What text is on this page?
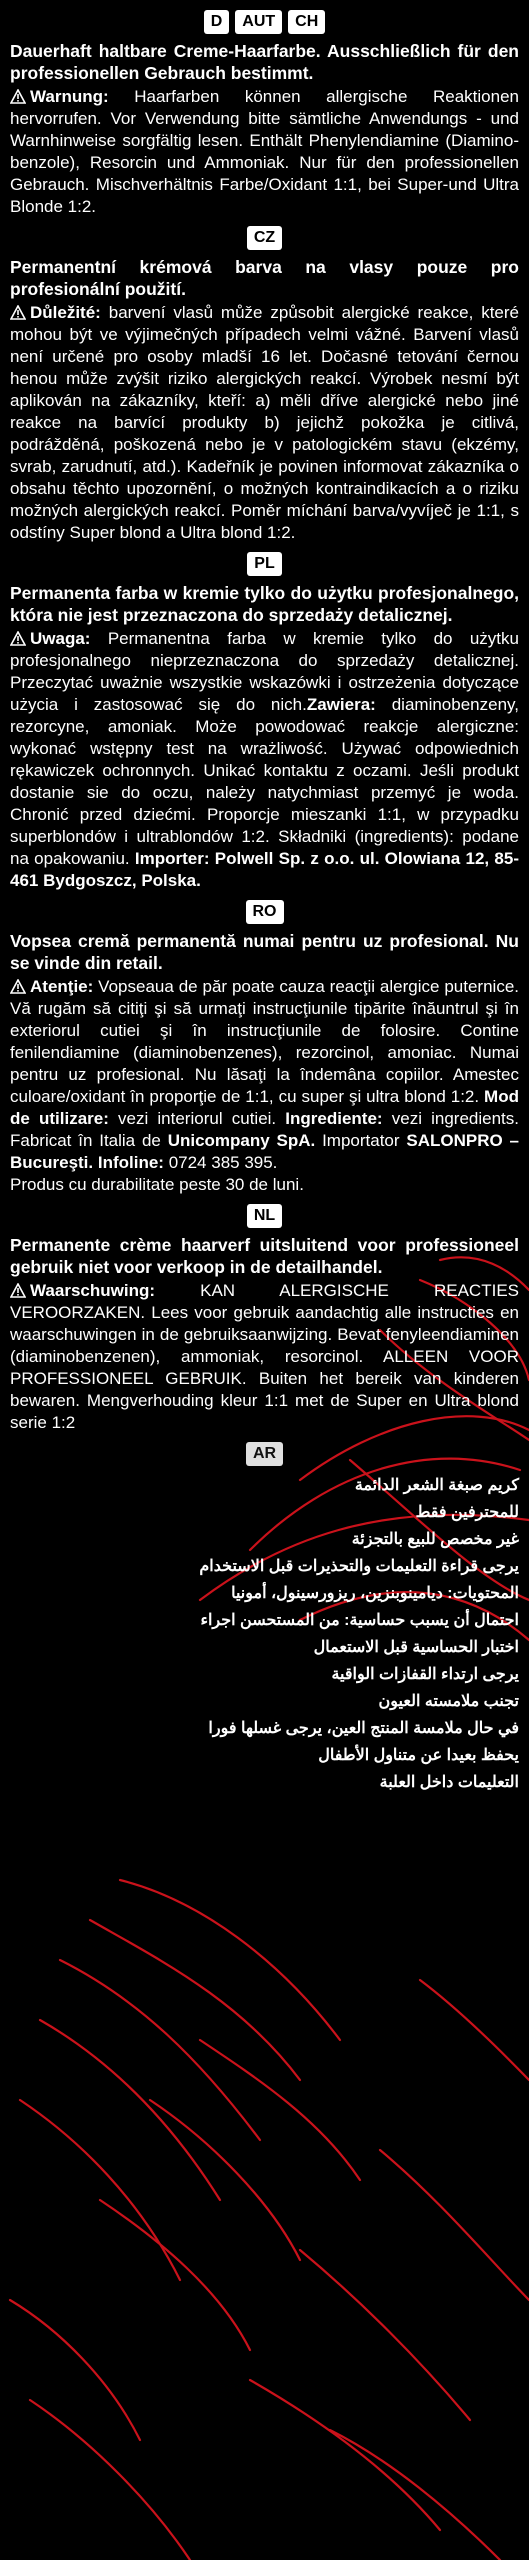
D	AUT	CH
Dauerhaft haltbare Creme-Haarfarbe. Ausschließlich für den professionellen Gebrauch bestimmt.
Warnung: Haarfarben können allergische Reaktionen hervorrufen. Vor Verwendung bitte sämtliche Anwendungs - und Warnhinweise sorgfältig lesen. Enthält Phenylendiamine (Diamino-benzole), Resorcin und Ammoniak. Nur für den professionellen Gebrauch. Mischverhältnis Farbe/Oxidant 1:1, bei Super-und Ultra Blonde 1:2.
CZ
Permanentní krémová barva na vlasy pouze pro profesionální použití.
Důležité: barvení vlasů může způsobit alergické reakce, které mohou být ve výjimečných případech velmi vážné. Barvení vlasů není určené pro osoby mladší 16 let. Dočasné tetování černou henou může zvýšit riziko alergických reakcí. Výrobek nesmí být aplikován na zákazníky, kteří: a) měli dříve alergické nebo jiné reakce na barvící produkty b) jejichž pokožka je citlivá, podrážděná, poškozená nebo je v patologickém stavu (ekzémy, svrab, zarudnutí, atd.). Kadeřník je povinen informovat zákazníka o obsahu těchto upozornění, o možných kontraindikacích a o riziku možných alergických reakcí. Poměr míchání barva/vyvíječ je 1:1, s odstíny Super blond a Ultra blond 1:2.
PL
Permanenta farba w kremie tylko do użytku profesjonalnego, która nie jest przeznaczona do sprzedaży detalicznej.
Uwaga: Permanentna farba w kremie tylko do użytku profesjonalnego nieprzeznaczona do sprzedaży detalicznej. Przeczytać uważnie wszystkie wskazówki i ostrzeżenia dotyczące użycia i zastosować się do nich.Zawiera: diaminobenzeny, rezorcyne, amoniak. Może powodować reakcje alergiczne: wykonać wstępny test na wrażliwość. Używać odpowiednich rękawiczek ochronnych. Unikać kontaktu z oczami. Jeśli produkt dostanie sie do oczu, należy natychmiast przemyć je woda. Chronić przed dziećmi. Proporcje mieszanki 1:1, w przypadku superblondów i ultrablondów 1:2. Składniki (ingredients): podane na opakowaniu. Importer: Polwell Sp. z o.o. ul. Olowiana 12, 85-461 Bydgoszcz, Polska.
RO
Vopsea cremă permanentă numai pentru uz profesional. Nu se vinde din retail.
Atenţie: Vopseaua de păr poate cauza reacţii alergice puternice. Vă rugăm să citiţi şi să urmaţi instrucţiunile tipărite înăuntrul şi în exteriorul cutiei şi în instrucţiunile de folosire. Contine fenilendiamine (diaminobenzenes), rezorcinol, amoniac. Numai pentru uz profesional. Nu lăsaţi la îndemâna copiilor. Amestec culoare/oxidant în proporţie de 1:1, cu super şi ultra blond 1:2. Mod de utilizare: vezi interiorul cutiei. Ingrediente: vezi ingredients. Fabricat în Italia de Unicompany SpA. Importator SALONPRO – Bucureşti. Infoline: 0724 385 395.
Produs cu durabilitate peste 30 de luni.
NL
Permanente crème haarverf uitsluitend voor professioneel gebruik niet voor verkoop in de detailhandel.
Waarschuwing: KAN ALERGISCHE REACTIES VEROORZAKEN. Lees voor gebruik aandachtig alle instructies en waarschuwingen in de gebruiksaanwijzing. Bevat fenyleendiaminen (diaminobenzenen), ammoniak, resorcinol. ALLEEN VOOR PROFESSIONEEL GEBRUIK. Buiten het bereik van kinderen bewaren. Mengverhouding kleur 1:1 met de Super en Ultra blond serie 1:2
AR
كريم صبغة الشعر الدائمة
للمحترفين فقط
غير مخصص للبيع بالتجزئة
يرجى قراءة التعليمات والتحذيرات قبل الاستخدام
المحتويات: ديامينوبنزين، ريزورسينول، أمونيا
احتمال أن يسبب حساسية: من المستحسن اجراء
اختبار الحساسية قبل الاستعمال
يرجى ارتداء القفازات الواقية
تجنب ملامسته العيون
في حال ملامسة المنتج العين، يرجى غسلها فورا
يحفظ بعيدا عن متناول الأطفال
التعليمات داخل العلبة
